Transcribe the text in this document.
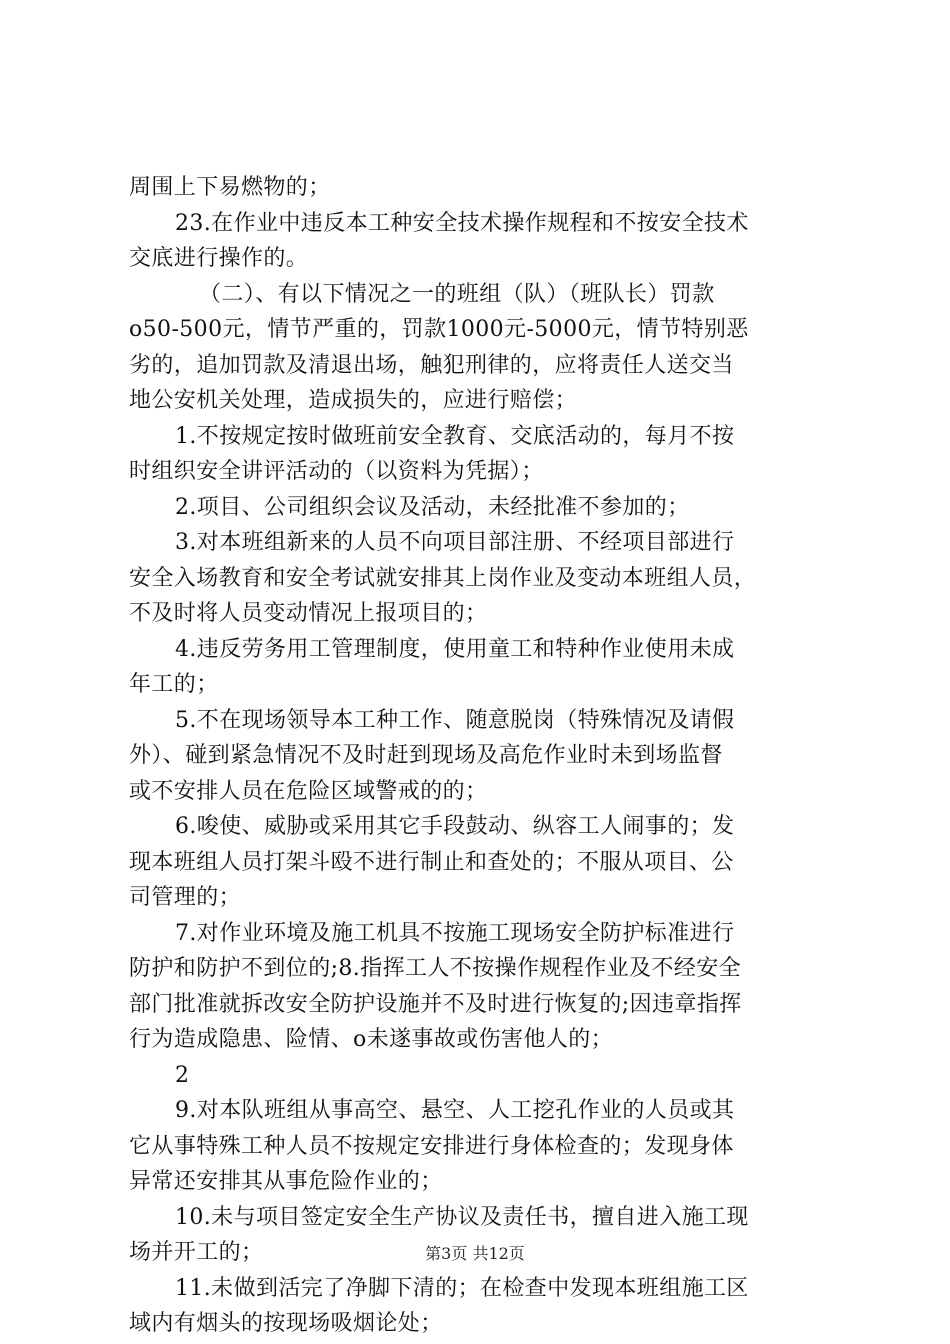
周围上下易燃物的；
23.在作业中违反本工种安全技术操作规程和不按安全技术
交底进行操作的。
（二）、有以下情况之一的班组（队）（班队长）罚款
o50-500元，情节严重的，罚款1000元-5000元，情节特别恶
劣的，追加罚款及清退出场，触犯刑律的，应将责任人送交当
地公安机关处理，造成损失的，应进行赔偿；
1.不按规定按时做班前安全教育、交底活动的，每月不按
时组织安全讲评活动的（以资料为凭据）；
2.项目、公司组织会议及活动，未经批准不参加的；
3.对本班组新来的人员不向项目部注册、不经项目部进行
安全入场教育和安全考试就安排其上岗作业及变动本班组人员，
不及时将人员变动情况上报项目的；
4.违反劳务用工管理制度，使用童工和特种作业使用未成
年工的；
5.不在现场领导本工种工作、随意脱岗（特殊情况及请假
外）、碰到紧急情况不及时赶到现场及高危作业时未到场监督
或不安排人员在危险区域警戒的的；
6.唆使、威胁或采用其它手段鼓动、纵容工人闹事的；发
现本班组人员打架斗殴不进行制止和查处的；不服从项目、公
司管理的；
7.对作业环境及施工机具不按施工现场安全防护标准进行
防护和防护不到位的;8.指挥工人不按操作规程作业及不经安全
部门批准就拆改安全防护设施并不及时进行恢复的;因违章指挥
行为造成隐患、险情、o未遂事故或伤害他人的；
2
9.对本队班组从事高空、悬空、人工挖孔作业的人员或其
它从事特殊工种人员不按规定安排进行身体检查的；发现身体
异常还安排其从事危险作业的；
10.未与项目签定安全生产协议及责任书，擅自进入施工现
场并开工的；
11.未做到活完了净脚下清的；在检查中发现本班组施工区
域内有烟头的按现场吸烟论处；
第3页 共12页
